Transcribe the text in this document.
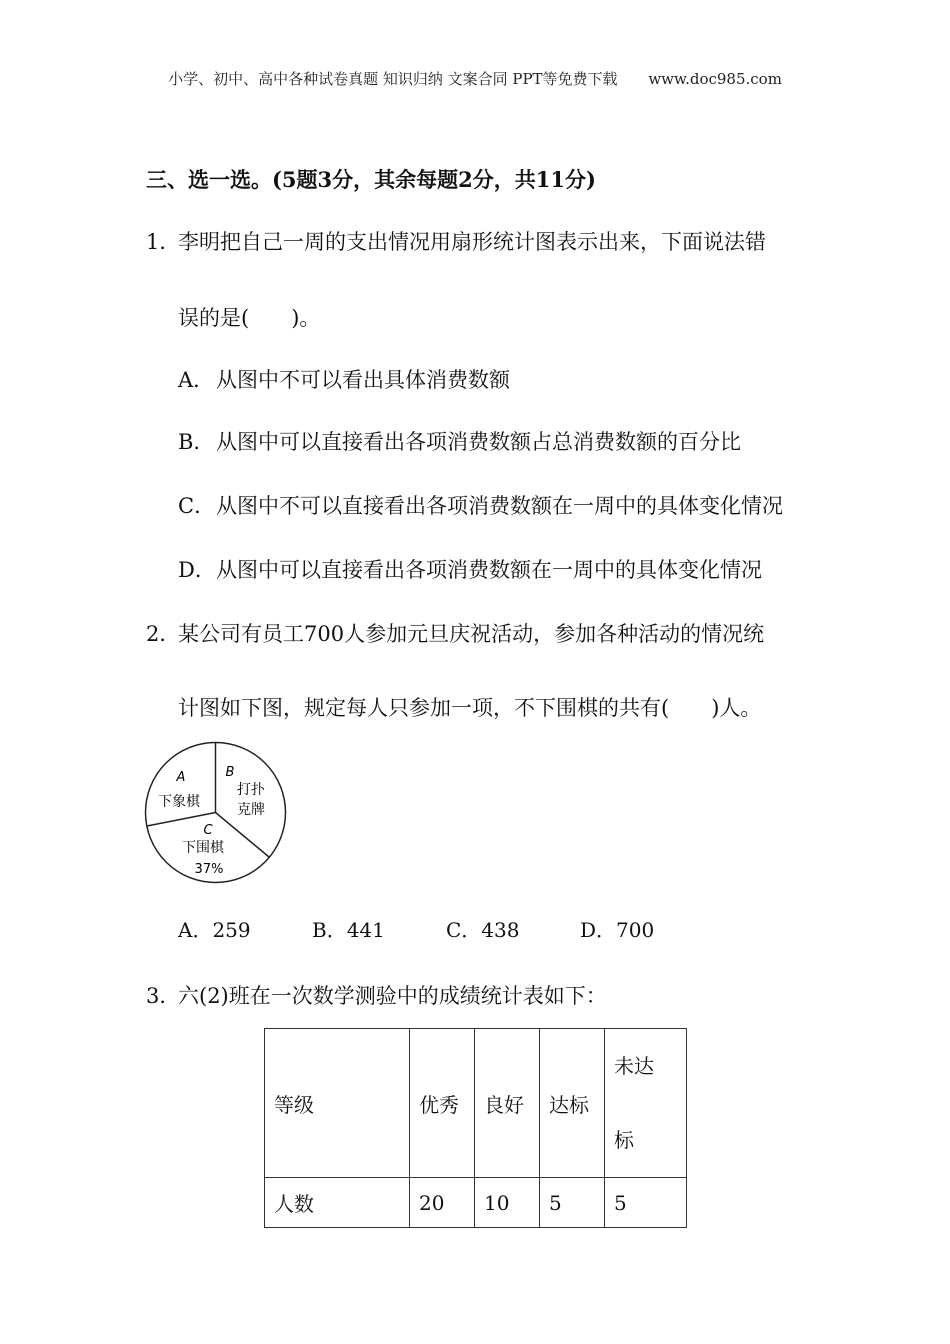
小学、初中、高中各种试卷真题 知识归纳 文案合同 PPT等免费下载 www.doc985.com
三、选一选。(5题3分，其余每题2分，共11分)
1．李明把自己一周的支出情况用扇形统计图表示出来，下面说法错
误的是(　　)。
A．从图中不可以看出具体消费数额
B．从图中可以直接看出各项消费数额占总消费数额的百分比
C．从图中不可以直接看出各项消费数额在一周中的具体变化情况
D．从图中可以直接看出各项消费数额在一周中的具体变化情况
2．某公司有员工700人参加元旦庆祝活动，参加各种活动的情况统
计图如下图，规定每人只参加一项，不下围棋的共有(　　)人。
A
下象棋
B
打扑
克牌
C
下围棋
37%
A．259	B．441	C．438	D．700
3．六(2)班在一次数学测验中的成绩统计表如下：
等级	优秀	良好	达标	未达
标

人数	20	10	5	5
